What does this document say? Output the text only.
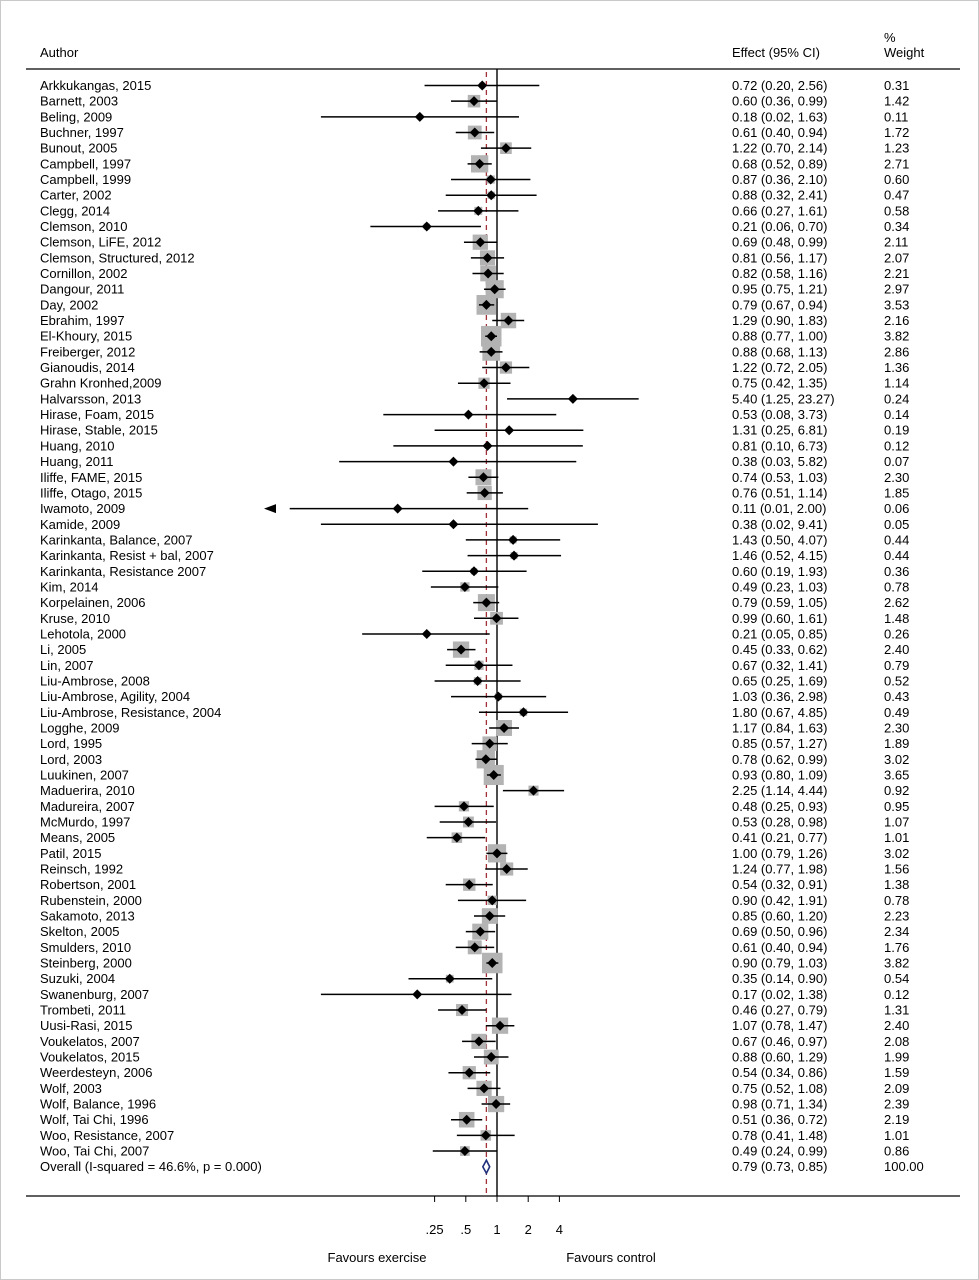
Author	Effect (95% CI)
%
Weight
Arkkukangas, 2015	0.72 (0.20, 2.56)	0.31
Barnett, 2003	0.60 (0.36, 0.99)	1.42
Beling, 2009	0.18 (0.02, 1.63)	0.11
Buchner, 1997	0.61 (0.40, 0.94)	1.72
Bunout, 2005	1.22 (0.70, 2.14)	1.23
Campbell, 1997	0.68 (0.52, 0.89)	2.71
Campbell, 1999	0.87 (0.36, 2.10)	0.60
Carter, 2002	0.88 (0.32, 2.41)	0.47
Clegg, 2014	0.66 (0.27, 1.61)	0.58
Clemson, 2010	0.21 (0.06, 0.70)	0.34
Clemson, LiFE, 2012	0.69 (0.48, 0.99)	2.11
Clemson, Structured, 2012	0.81 (0.56, 1.17)	2.07
Cornillon, 2002	0.82 (0.58, 1.16)	2.21
Dangour, 2011	0.95 (0.75, 1.21)	2.97
Day, 2002	0.79 (0.67, 0.94)	3.53
Ebrahim, 1997	1.29 (0.90, 1.83)	2.16
El-Khoury, 2015	0.88 (0.77, 1.00)	3.82
Freiberger, 2012	0.88 (0.68, 1.13)	2.86
Gianoudis, 2014	1.22 (0.72, 2.05)	1.36
Grahn Kronhed,2009	0.75 (0.42, 1.35)	1.14
Halvarsson, 2013	5.40 (1.25, 23.27)	0.24
Hirase, Foam, 2015	0.53 (0.08, 3.73)	0.14
Hirase, Stable, 2015	1.31 (0.25, 6.81)	0.19
Huang, 2010	0.81 (0.10, 6.73)	0.12
Huang, 2011	0.38 (0.03, 5.82)	0.07
Iliffe, FAME, 2015	0.74 (0.53, 1.03)	2.30
Iliffe, Otago, 2015	0.76 (0.51, 1.14)	1.85
Iwamoto, 2009	0.11 (0.01, 2.00)	0.06
Kamide, 2009	0.38 (0.02, 9.41)	0.05
Karinkanta, Balance, 2007	1.43 (0.50, 4.07)	0.44
Karinkanta, Resist + bal, 2007	1.46 (0.52, 4.15)	0.44
Karinkanta, Resistance 2007	0.60 (0.19, 1.93)	0.36
Kim, 2014	0.49 (0.23, 1.03)	0.78
Korpelainen, 2006	0.79 (0.59, 1.05)	2.62
Kruse, 2010	0.99 (0.60, 1.61)	1.48
Lehotola, 2000	0.21 (0.05, 0.85)	0.26
Li, 2005	0.45 (0.33, 0.62)	2.40
Lin, 2007	0.67 (0.32, 1.41)	0.79
Liu-Ambrose, 2008	0.65 (0.25, 1.69)	0.52
Liu-Ambrose, Agility, 2004	1.03 (0.36, 2.98)	0.43
Liu-Ambrose, Resistance, 2004	1.80 (0.67, 4.85)	0.49
Logghe, 2009	1.17 (0.84, 1.63)	2.30
Lord, 1995	0.85 (0.57, 1.27)	1.89
Lord, 2003	0.78 (0.62, 0.99)	3.02
Luukinen, 2007	0.93 (0.80, 1.09)	3.65
Maduerira, 2010	2.25 (1.14, 4.44)	0.92
Madureira, 2007	0.48 (0.25, 0.93)	0.95
McMurdo, 1997	0.53 (0.28, 0.98)	1.07
Means, 2005	0.41 (0.21, 0.77)	1.01
Patil, 2015	1.00 (0.79, 1.26)	3.02
Reinsch, 1992	1.24 (0.77, 1.98)	1.56
Robertson, 2001	0.54 (0.32, 0.91)	1.38
Rubenstein, 2000	0.90 (0.42, 1.91)	0.78
Sakamoto, 2013	0.85 (0.60, 1.20)	2.23
Skelton, 2005	0.69 (0.50, 0.96)	2.34
Smulders, 2010	0.61 (0.40, 0.94)	1.76
Steinberg, 2000	0.90 (0.79, 1.03)	3.82
Suzuki, 2004	0.35 (0.14, 0.90)	0.54
Swanenburg, 2007	0.17 (0.02, 1.38)	0.12
Trombeti, 2011	0.46 (0.27, 0.79)	1.31
Uusi-Rasi, 2015	1.07 (0.78, 1.47)	2.40
Voukelatos, 2007	0.67 (0.46, 0.97)	2.08
Voukelatos, 2015	0.88 (0.60, 1.29)	1.99
Weerdesteyn, 2006	0.54 (0.34, 0.86)	1.59
Wolf, 2003	0.75 (0.52, 1.08)	2.09
Wolf, Balance, 1996	0.98 (0.71, 1.34)	2.39
Wolf, Tai Chi, 1996	0.51 (0.36, 0.72)	2.19
Woo, Resistance, 2007	0.78 (0.41, 1.48)	1.01
Woo, Tai Chi, 2007	0.49 (0.24, 0.99)	0.86
Overall (I-squared = 46.6%, p = 0.000)	0.79 (0.73, 0.85)	100.00
.25 .5 1 2 4
Favours exercise	Favours control
